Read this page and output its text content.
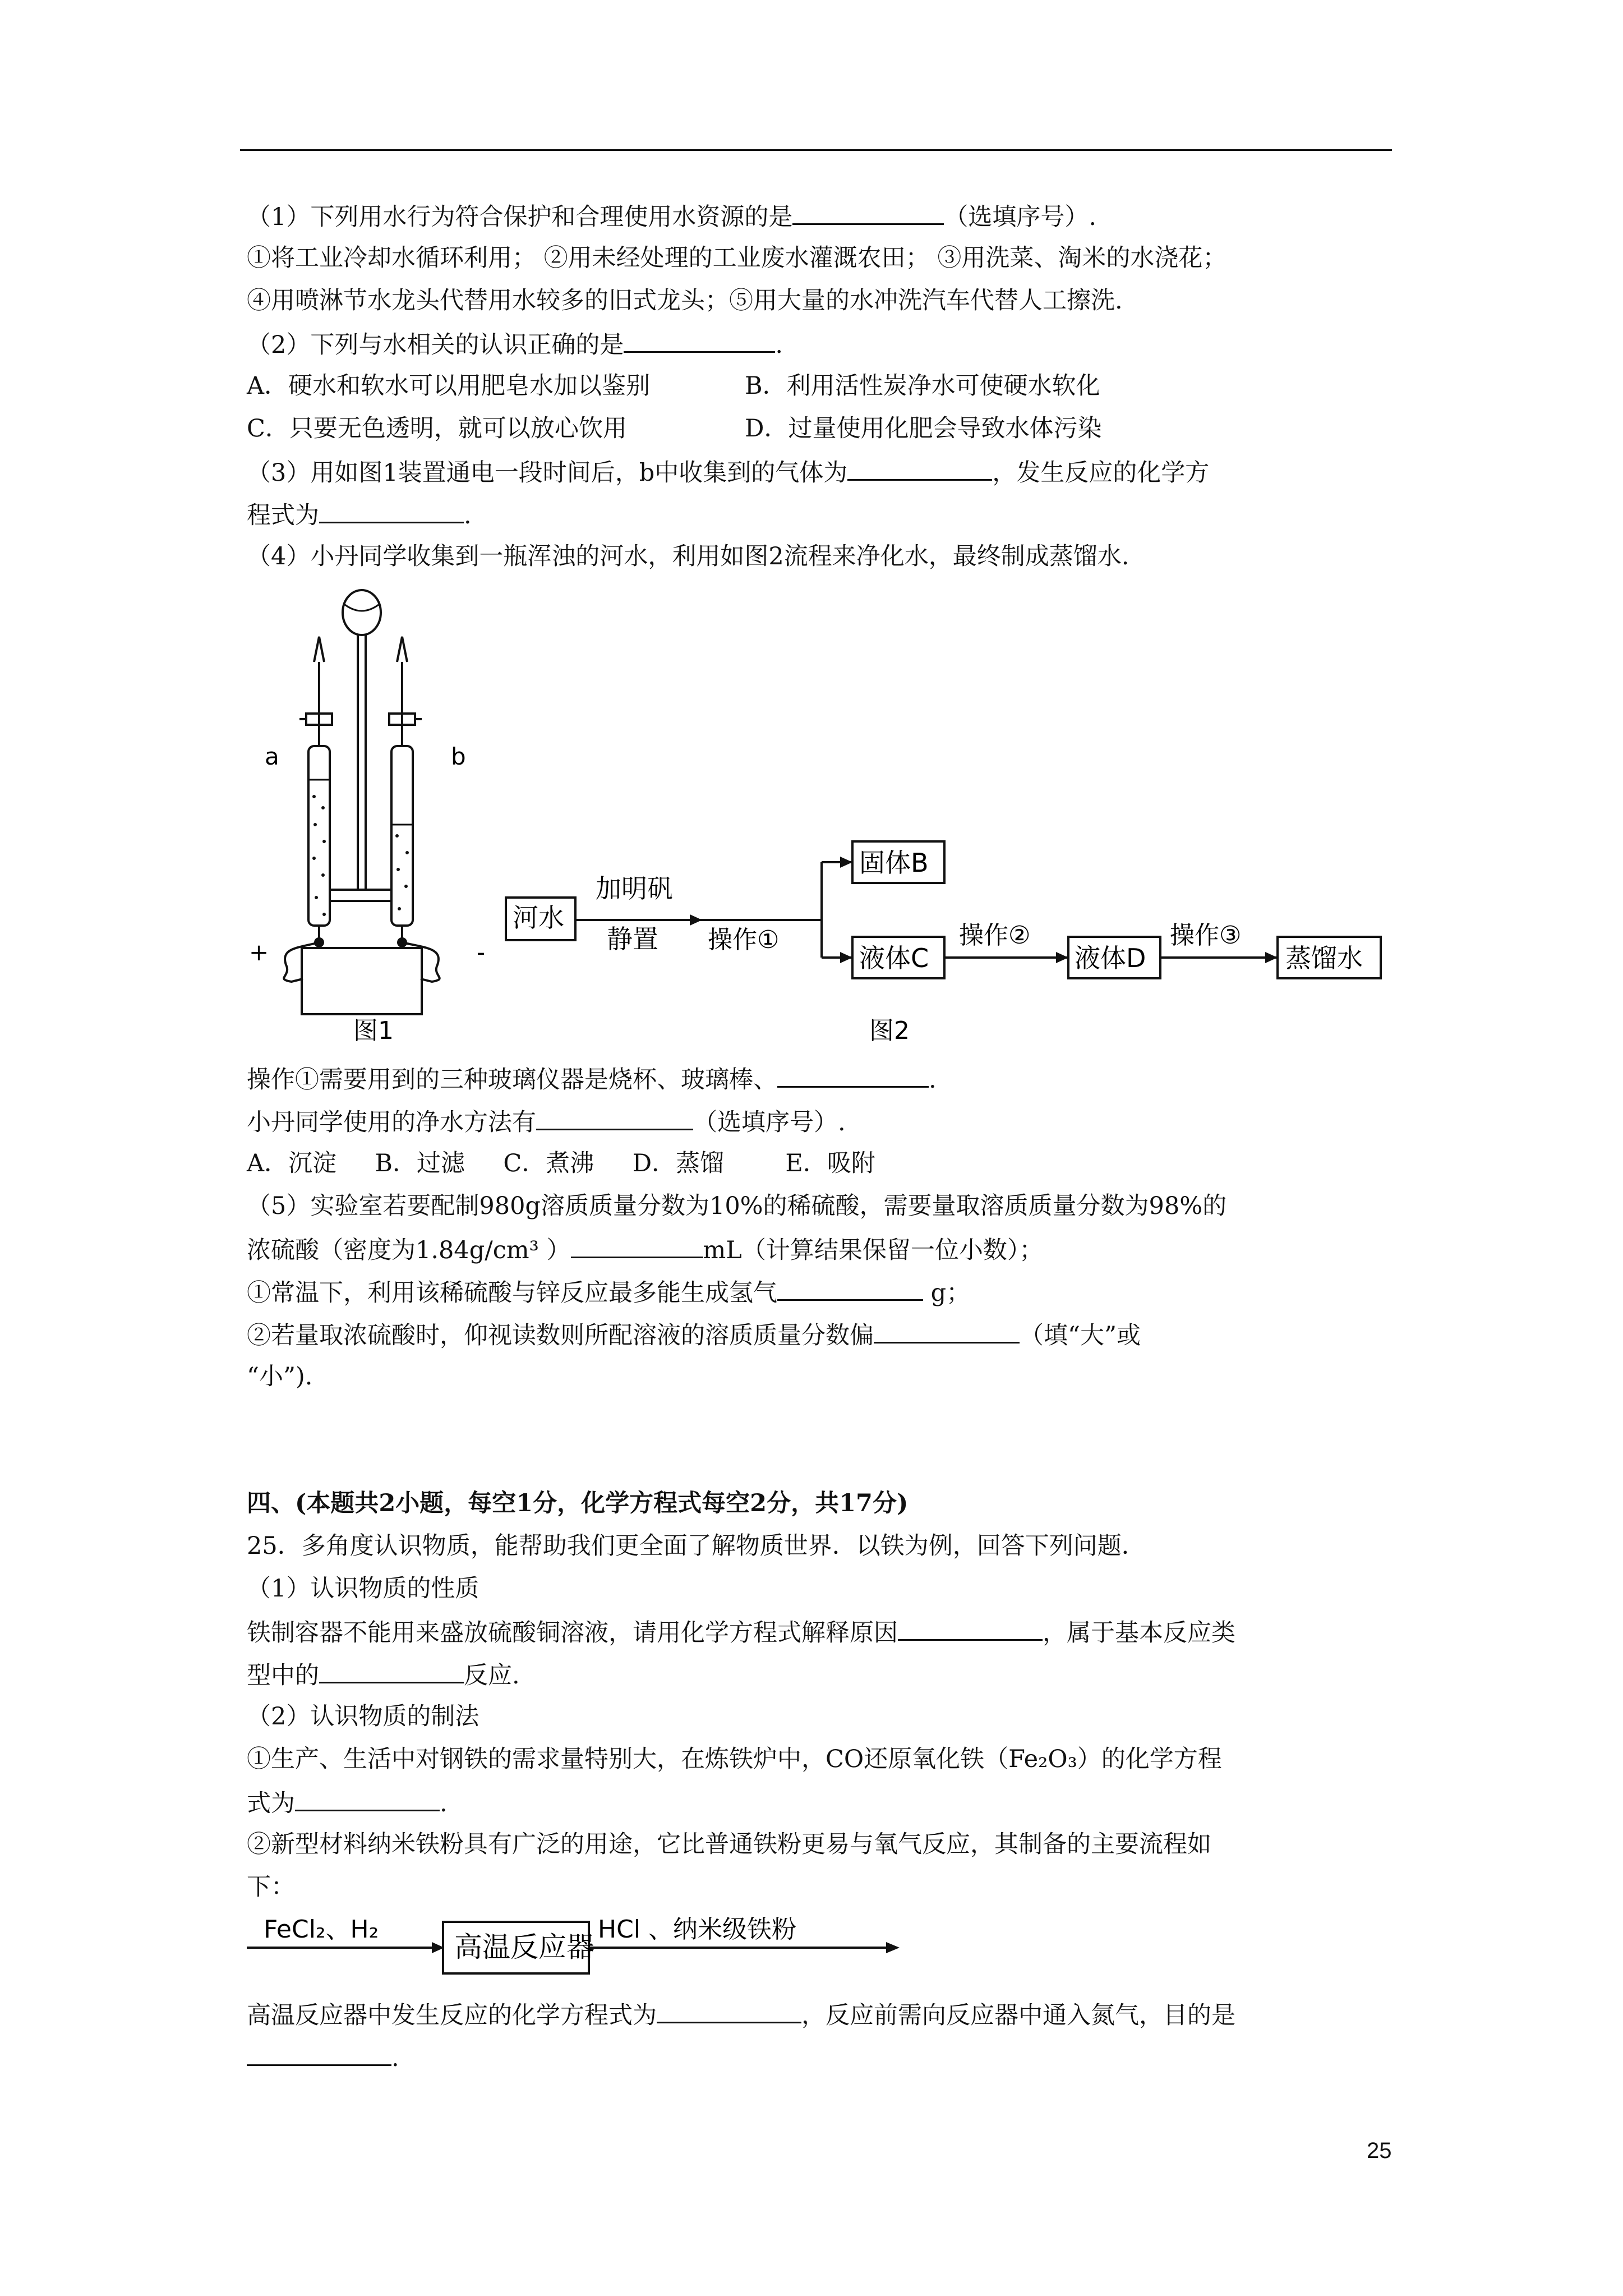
（1）下列用水行为符合保护和合理使用水资源的是	（选填序号）.
①将工业冷却水循环利用； ②用未经处理的工业废水灌溉农田； ③用洗菜、淘米的水浇花；
④用喷淋节水龙头代替用水较多的旧式龙头；⑤用大量的水冲洗汽车代替人工擦洗.
（2）下列与水相关的认识正确的是	.
A．硬水和软水可以用肥皂水加以鉴别	B．利用活性炭净水可使硬水软化
C．只要无色透明，就可以放心饮用	D．过量使用化肥会导致水体污染
（3）用如图1装置通电一段时间后，b中收集到的气体为	，发生反应的化学方
程式为	.
（4）小丹同学收集到一瓶浑浊的河水，利用如图2流程来净化水，最终制成蒸馏水.
a	b
+	-
图1
河水
加明矾
静置 操作①
固体B
液体C
操作②
液体D
操作③
蒸馏水
图2
操作①需要用到的三种玻璃仪器是烧杯、玻璃棒、	.
小丹同学使用的净水方法有	（选填序号）.
A．沉淀     B．过滤     C．煮沸     D．蒸馏        E．吸附
（5）实验室若要配制980g溶质质量分数为10%的稀硫酸，需要量取溶质质量分数为98%的
浓硫酸（密度为1.84g/cm³ ）	mL（计算结果保留一位小数）；
①常温下，利用该稀硫酸与锌反应最多能生成氢气	g；
②若量取浓硫酸时，仰视读数则所配溶液的溶质质量分数偏	（填“大”或
“小”).
四、(本题共2小题，每空1分，化学方程式每空2分，共17分)
25．多角度认识物质，能帮助我们更全面了解物质世界．以铁为例，回答下列问题．
（1）认识物质的性质
铁制容器不能用来盛放硫酸铜溶液，请用化学方程式解释原因	，属于基本反应类
型中的	反应.
（2）认识物质的制法
①生产、生活中对钢铁的需求量特别大，在炼铁炉中，CO还原氧化铁（Fe₂O₃）的化学方程
式为	.
②新型材料纳米铁粉具有广泛的用途，它比普通铁粉更易与氧气反应，其制备的主要流程如
下：
FeCl₂、H₂
高温反应器
HCl 、纳米级铁粉
高温反应器中发生反应的化学方程式为	，反应前需向反应器中通入氮气，目的是
.
25
